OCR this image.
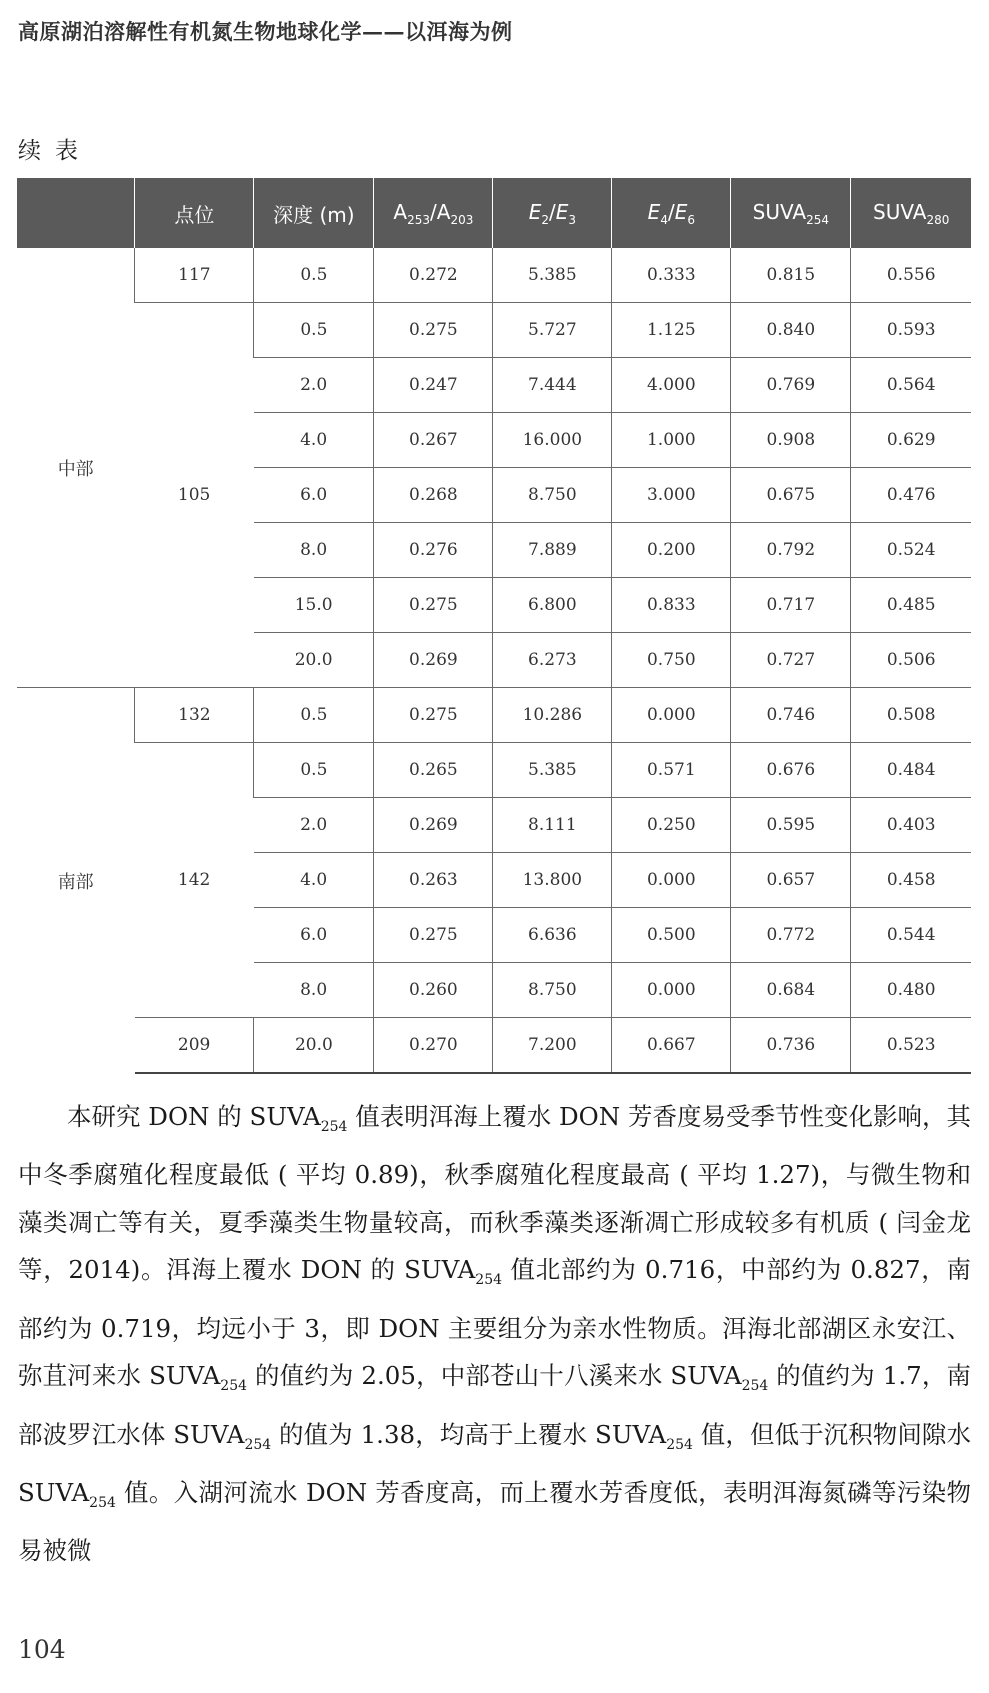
高原湖泊溶解性有机氮生物地球化学——以洱海为例
续表
	点位	深度 (m)	$A_{253}/A_{203}$	$E_2/E_3$	$E_4/E_6$	$SUVA_{254}$	$SUVA_{280}$
中部	117	0.5	0.272	5.385	0.333	0.815	0.556
	105	0.5	0.275	5.727	1.125	0.840	0.593
		2.0	0.247	7.444	4.000	0.769	0.564
		4.0	0.267	16.000	1.000	0.908	0.629
		6.0	0.268	8.750	3.000	0.675	0.476
		8.0	0.276	7.889	0.200	0.792	0.524
		15.0	0.275	6.800	0.833	0.717	0.485
		20.0	0.269	6.273	0.750	0.727	0.506
南部	132	0.5	0.275	10.286	0.000	0.746	0.508
	142	0.5	0.265	5.385	0.571	0.676	0.484
		2.0	0.269	8.111	0.250	0.595	0.403
		4.0	0.263	13.800	0.000	0.657	0.458
		6.0	0.275	6.636	0.500	0.772	0.544
		8.0	0.260	8.750	0.000	0.684	0.480
	209	20.0	0.270	7.200	0.667	0.736	0.523

　　本研究 DON 的 $SUVA_{254}$ 值表明洱海上覆水 DON 芳香度易受季节性变化影响，其中冬季腐殖化程度最低 ( 平均 0.89)，秋季腐殖化程度最高 ( 平均 1.27)，与微生物和藻类凋亡等有关，夏季藻类生物量较高，而秋季藻类逐渐凋亡形成较多有机质 ( 闫金龙等，2014)。洱海上覆水 DON 的 $SUVA_{254}$ 值北部约为 0.716，中部约为 0.827，南部约为 0.719，均远小于 3，即 DON 主要组分为亲水性物质。洱海北部湖区永安江、弥苴河来水 $SUVA_{254}$ 的值约为 2.05，中部苍山十八溪来水 $SUVA_{254}$ 的值约为 1.7，南部波罗江水体 $SUVA_{254}$ 的值为 1.38，均高于上覆水 $SUVA_{254}$ 值，但低于沉积物间隙水 $SUVA_{254}$ 值。入湖河流水 DON 芳香度高，而上覆水芳香度低，表明洱海氮磷等污染物易被微

104
